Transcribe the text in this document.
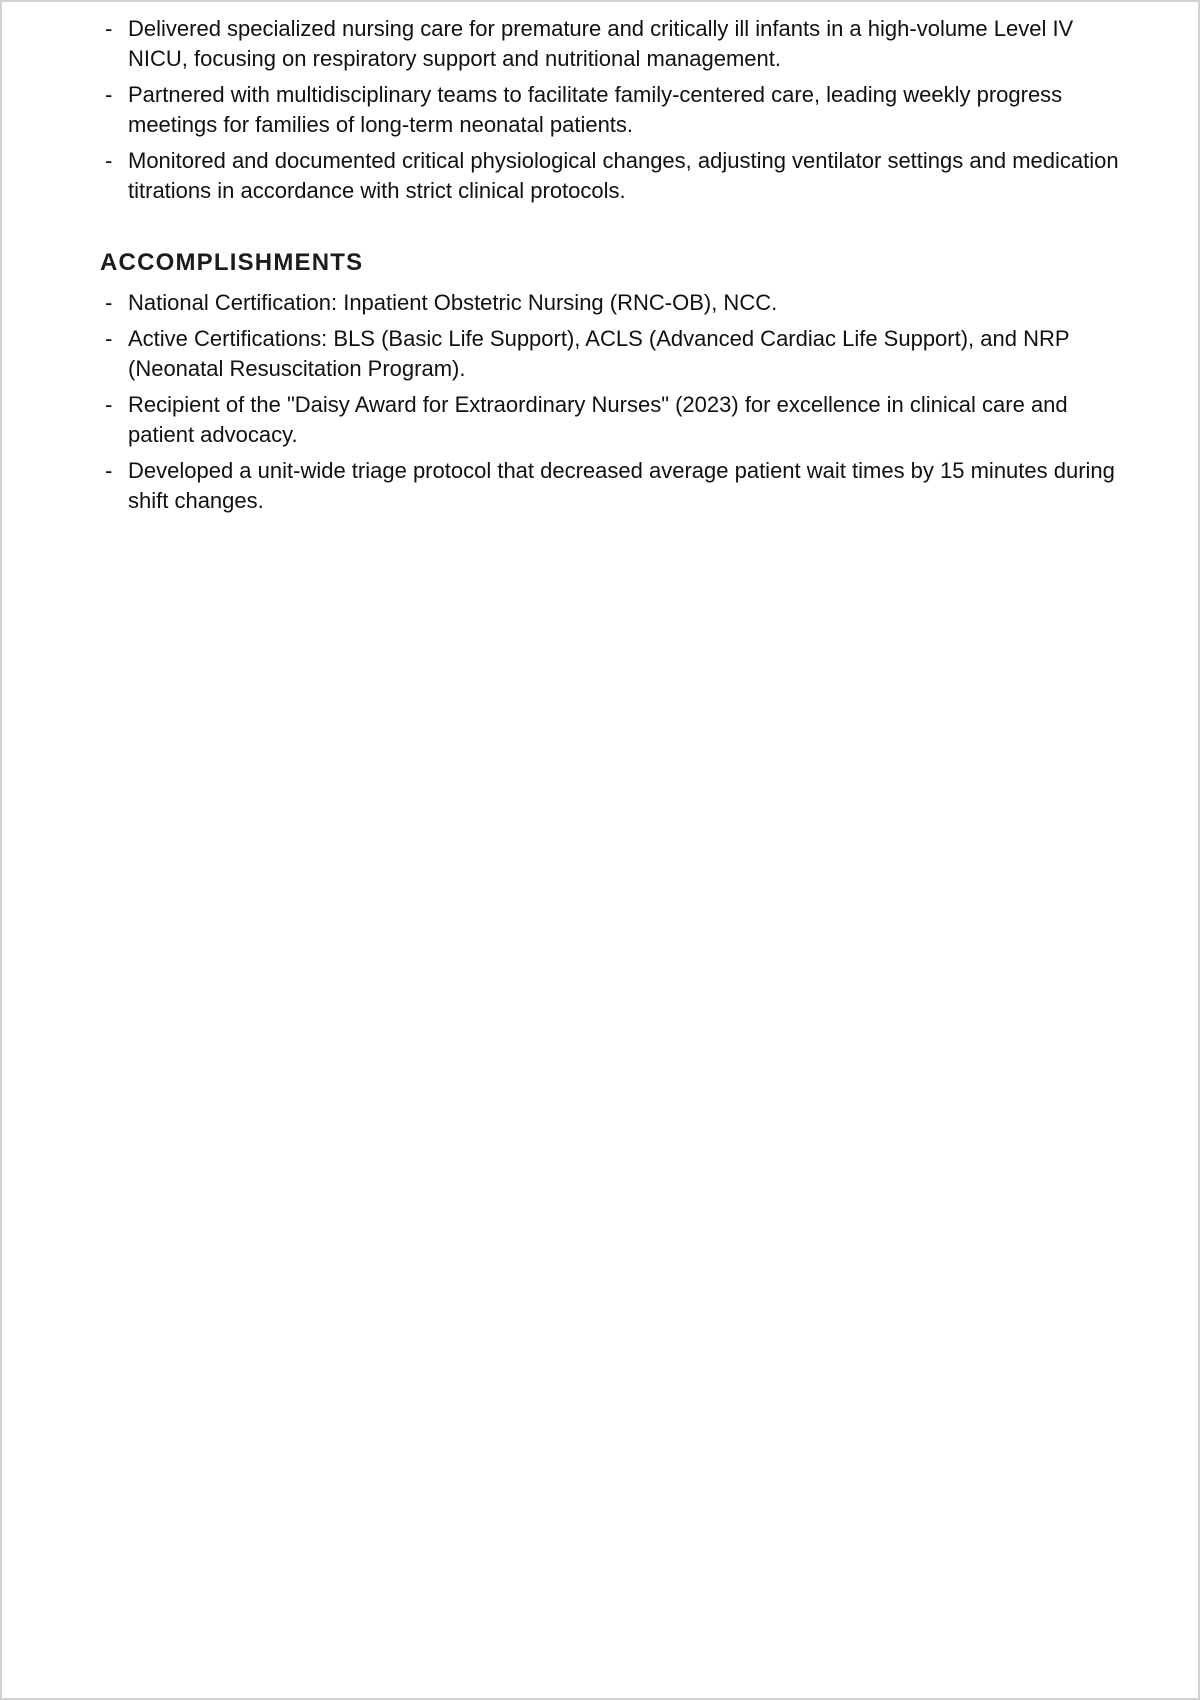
- Delivered specialized nursing care for premature and critically ill infants in a high-volume Level IV NICU, focusing on respiratory support and nutritional management.
- Partnered with multidisciplinary teams to facilitate family-centered care, leading weekly progress meetings for families of long-term neonatal patients.
- Monitored and documented critical physiological changes, adjusting ventilator settings and medication titrations in accordance with strict clinical protocols.
ACCOMPLISHMENTS
- National Certification: Inpatient Obstetric Nursing (RNC-OB), NCC.
- Active Certifications: BLS (Basic Life Support), ACLS (Advanced Cardiac Life Support), and NRP (Neonatal Resuscitation Program).
- Recipient of the "Daisy Award for Extraordinary Nurses" (2023) for excellence in clinical care and patient advocacy.
- Developed a unit-wide triage protocol that decreased average patient wait times by 15 minutes during shift changes.
